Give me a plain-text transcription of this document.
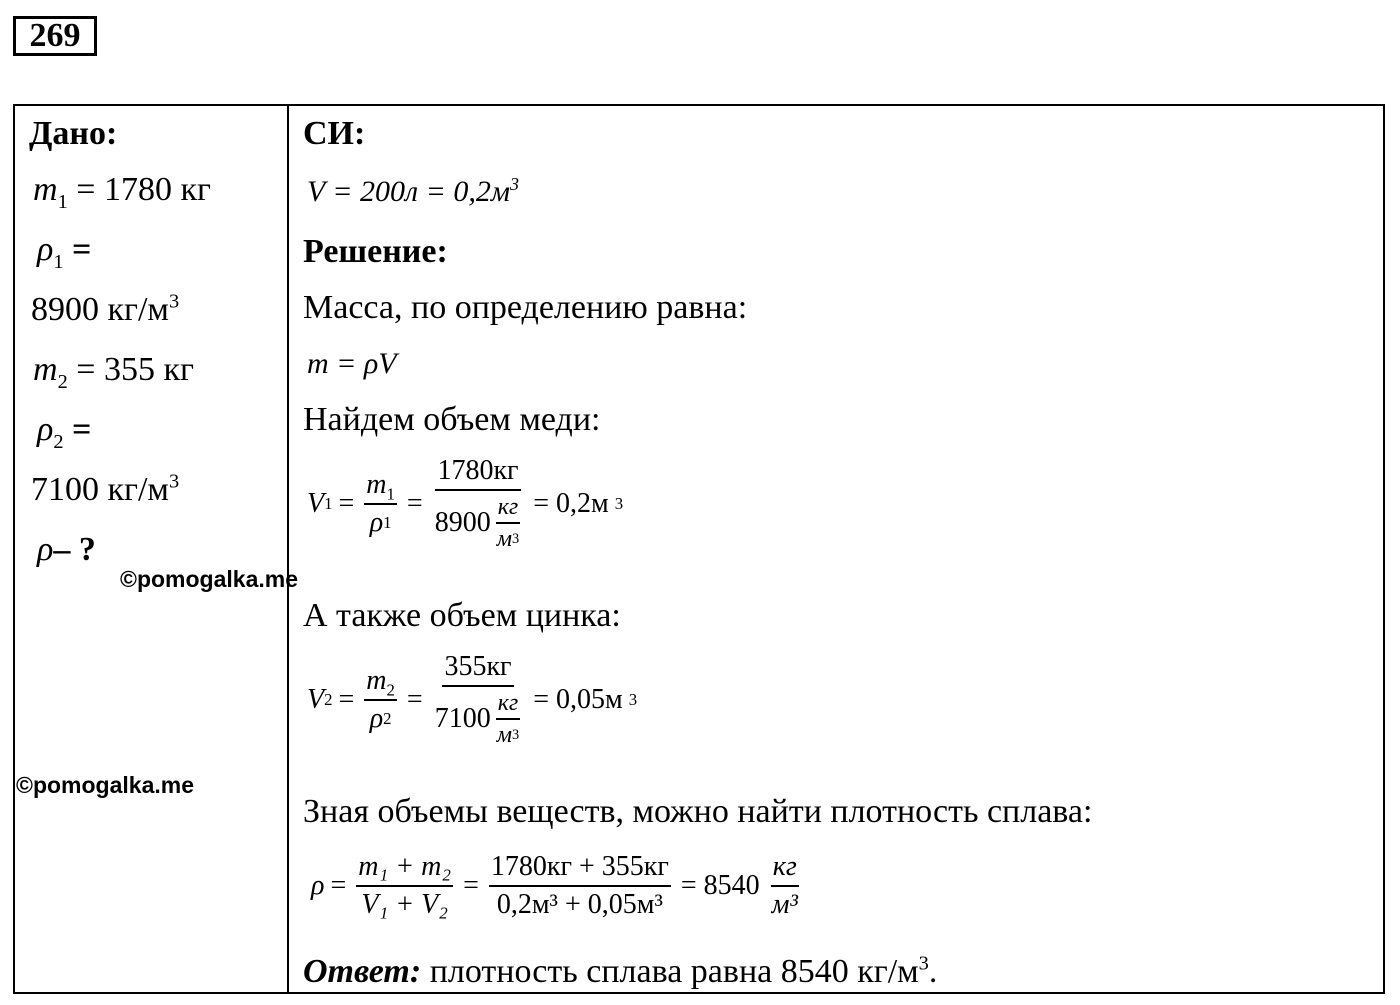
269
Дано:
$m_1 = 1780$ кг
$\rho_1$ =
8900 $кг/м^3$
$m_2 = 355$ кг
$\rho_2$ =
7100 $кг/м^3$
ρ– ?
СИ:
$V = 200л = 0,2м^3$
Решение:
Масса, по определению равна:
m = ρV
Найдем объем меди:
V $1 = \frac{m_1}{\rho 1} = 1780кг$
8900 кг
м 3 = 0,2м 3
А также объем цинка:
V $2 = \frac{m_2}{\rho 2} = 355кг$
7100 кг
м 3 = 0,05м 3
Зная объемы веществ, можно найти плотность сплава:
$\rho = \frac{\text{m₁ + m₂}}{\text{V₁ + V₂}} = \frac{1780кг + 355кг}{\text{0,2м³ + 0,05м³}} = 8540 \frac{кг}{\text{м³}}$
Ответ: плотность сплава равна 8540 $кг/м^3$.
©pomogalka.me
©pomogalka.me
